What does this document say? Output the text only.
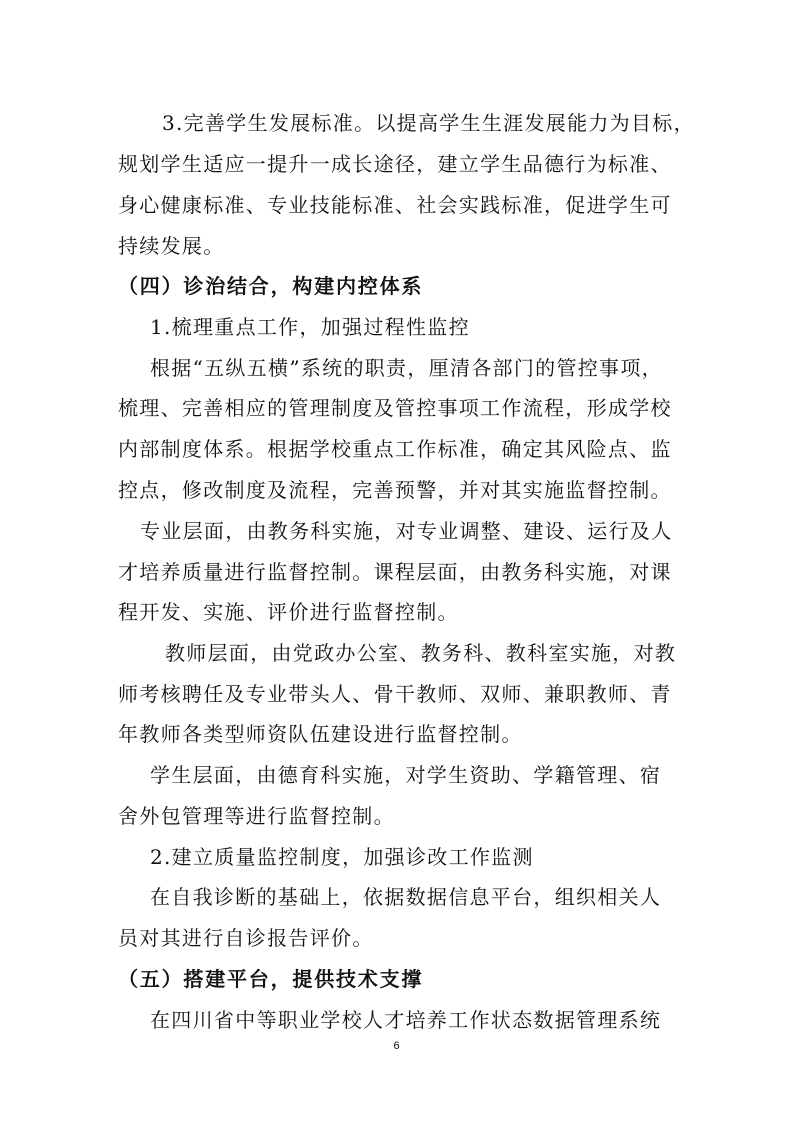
3.完善学生发展标准。以提高学生生涯发展能力为目标，
规划学生适应一提升一成长途径，建立学生品德行为标准、
身心健康标准、专业技能标准、社会实践标准，促进学生可
持续发展。
（四）诊治结合，构建内控体系
1.梳理重点工作，加强过程性监控
根据“五纵五横”系统的职责，厘清各部门的管控事项，
梳理、完善相应的管理制度及管控事项工作流程，形成学校
内部制度体系。根据学校重点工作标准，确定其风险点、监
控点，修改制度及流程，完善预警，并对其实施监督控制。
专业层面，由教务科实施，对专业调整、建设、运行及人
才培养质量进行监督控制。课程层面，由教务科实施，对课
程开发、实施、评价进行监督控制。
教师层面，由党政办公室、教务科、教科室实施，对教
师考核聘任及专业带头人、骨干教师、双师、兼职教师、青
年教师各类型师资队伍建设进行监督控制。
学生层面，由德育科实施，对学生资助、学籍管理、宿
舍外包管理等进行监督控制。
2.建立质量监控制度，加强诊改工作监测
在自我诊断的基础上，依据数据信息平台，组织相关人
员对其进行自诊报告评价。
（五）搭建平台，提供技术支撑
在四川省中等职业学校人才培养工作状态数据管理系统
6
